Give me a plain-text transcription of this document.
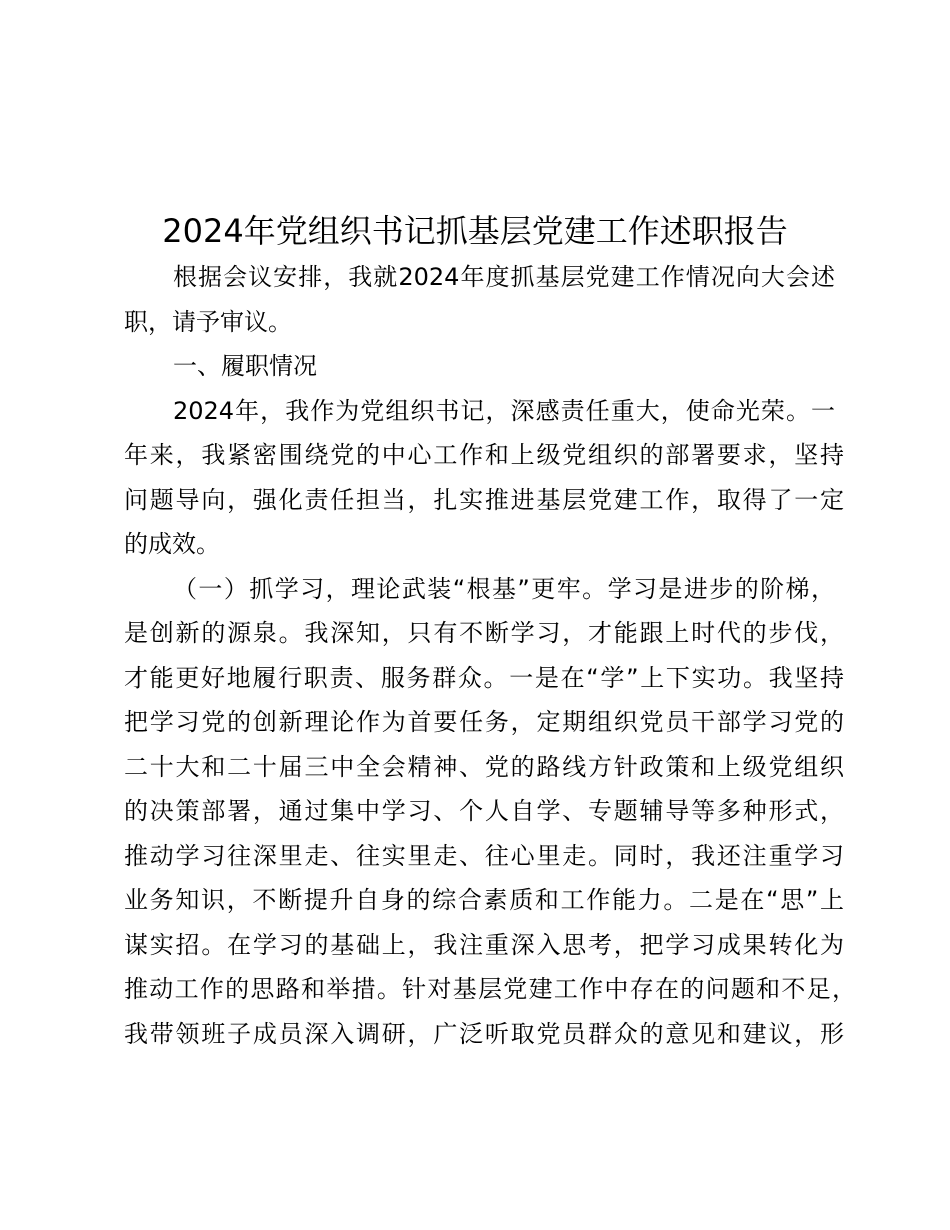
2024年党组织书记抓基层党建工作述职报告
根据会议安排，我就2024年度抓基层党建工作情况向大会述
职，请予审议。
一、履职情况
2024年，我作为党组织书记，深感责任重大，使命光荣。一
年来，我紧密围绕党的中心工作和上级党组织的部署要求，坚持
问题导向，强化责任担当，扎实推进基层党建工作，取得了一定
的成效。
（一）抓学习，理论武装“根基”更牢。学习是进步的阶梯，
是创新的源泉。我深知，只有不断学习，才能跟上时代的步伐，
才能更好地履行职责、服务群众。一是在“学”上下实功。我坚持
把学习党的创新理论作为首要任务，定期组织党员干部学习党的
二十大和二十届三中全会精神、党的路线方针政策和上级党组织
的决策部署，通过集中学习、个人自学、专题辅导等多种形式，
推动学习往深里走、往实里走、往心里走。同时，我还注重学习
业务知识，不断提升自身的综合素质和工作能力。二是在“思”上
谋实招。在学习的基础上，我注重深入思考，把学习成果转化为
推动工作的思路和举措。针对基层党建工作中存在的问题和不足，
我带领班子成员深入调研，广泛听取党员群众的意见和建议，形
